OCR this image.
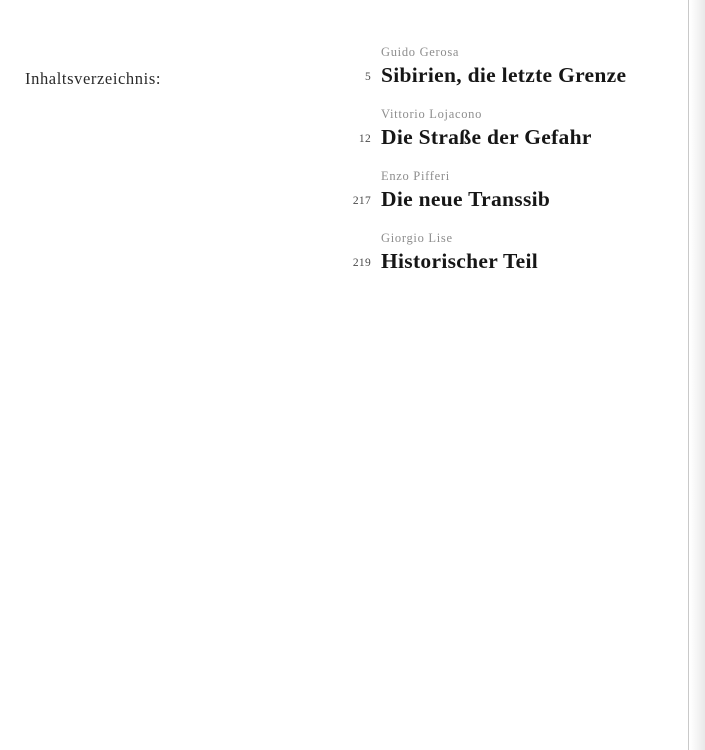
Inhaltsverzeichnis:
Guido Gerosa
5 Sibirien, die letzte Grenze
Vittorio Lojacono
12 Die Straße der Gefahr
Enzo Pifferi
217 Die neue Transsib
Giorgio Lise
219 Historischer Teil
